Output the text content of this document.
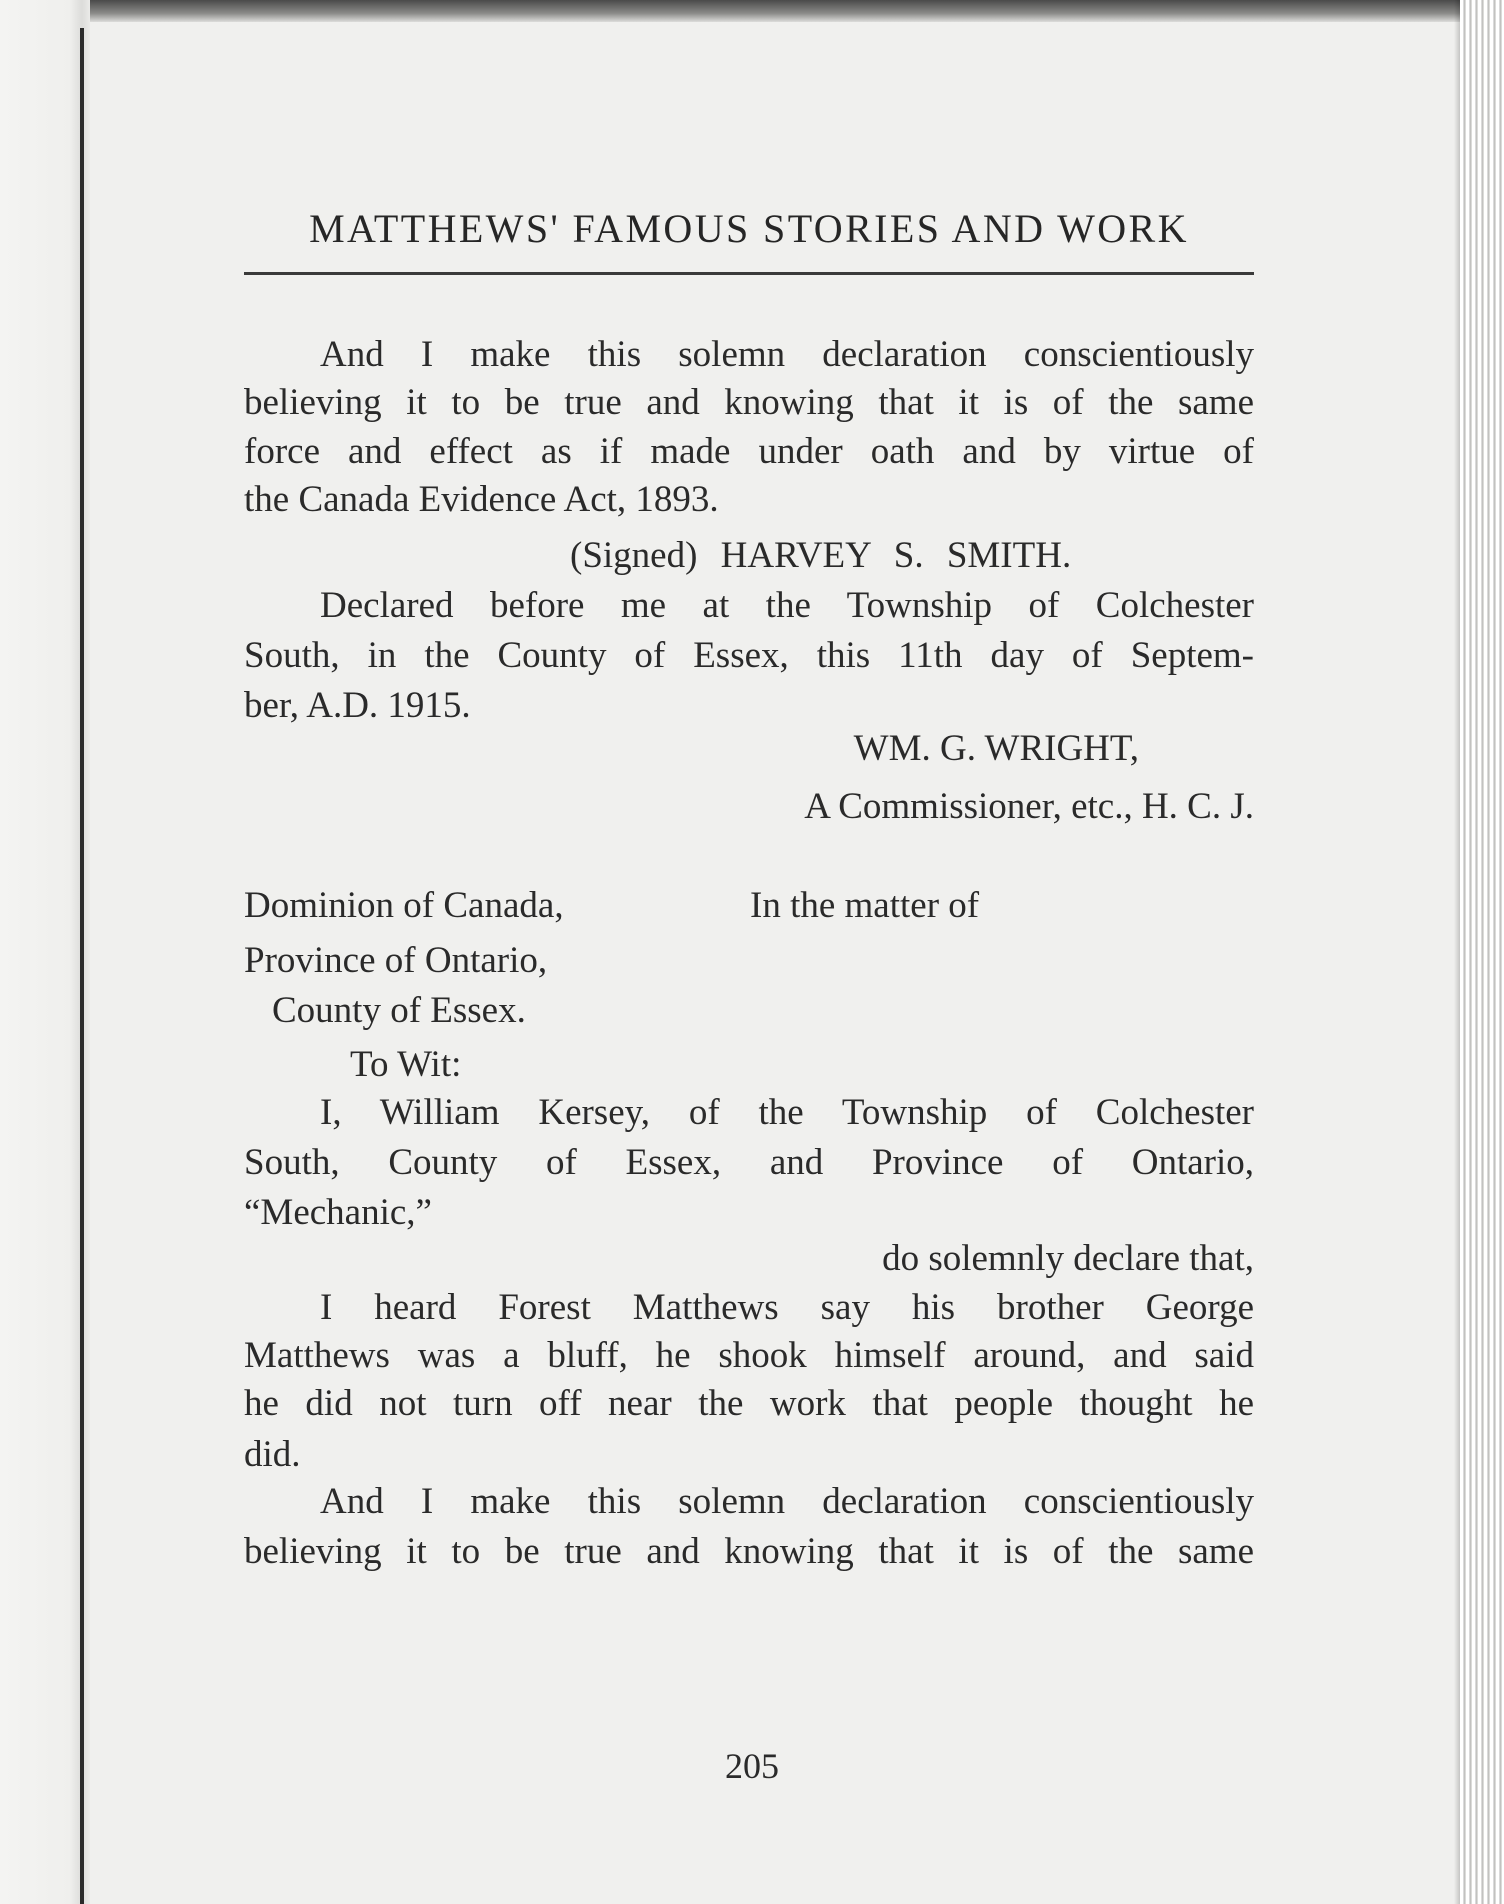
MATTHEWS' FAMOUS STORIES AND WORK
And I make this solemn declaration conscientiously
believing it to be true and knowing that it is of the same
force and effect as if made under oath and by virtue of
the Canada Evidence Act, 1893.
(Signed) HARVEY S. SMITH.
Declared before me at the Township of Colchester
South, in the County of Essex, this 11th day of Septem-
ber, A.D. 1915.
WM. G. WRIGHT,
A Commissioner, etc., H. C. J.
Dominion of Canada,	In the matter of
Province of Ontario,
County of Essex.
To Wit:
I, William Kersey, of the Township of Colchester
South, County of Essex, and Province of Ontario,
“Mechanic,”
do solemnly declare that,
I heard Forest Matthews say his brother George
Matthews was a bluff, he shook himself around, and said
he did not turn off near the work that people thought he
did.
And I make this solemn declaration conscientiously
believing it to be true and knowing that it is of the same
205
